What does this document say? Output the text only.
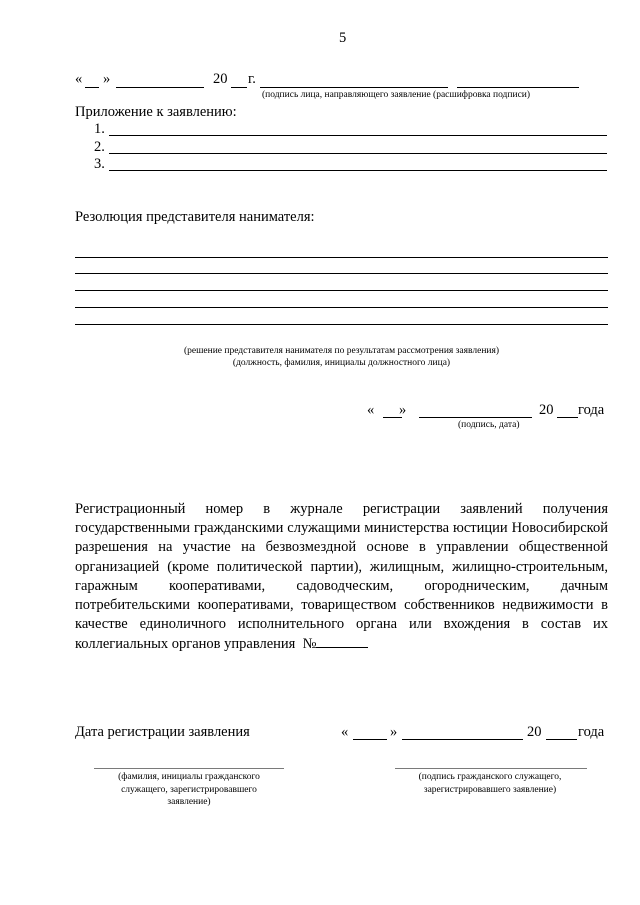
5
« »	20 г.
(подпись лица, направляющего заявление (расшифровка подписи)
Приложение к заявлению:
1.
2.
3.
Резолюция представителя нанимателя:
(решение представителя нанимателя по результатам рассмотрения заявления)
(должность, фамилия, инициалы должностного лица)
« »	20 года
(подпись, дата)
Регистрационный номер в журнале регистрации заявлений получения государственными гражданскими служащими министерства юстиции Новосибирской разрешения на участие на безвозмездной основе в управлении общественной организацией (кроме политической партии), жилищным, жилищно-строительным, гаражным кооперативами, садоводческим, огородническим, дачным потребительскими кооперативами, товариществом собственников недвижимости в качестве единоличного исполнительного органа или вхождения в состав их коллегиальных органов управления №
Дата регистрации заявления	«	»	20	года
(фамилия, инициалы гражданского служащего, зарегистрировавшего заявление)
(подпись гражданского служащего, зарегистрировавшего заявление)
